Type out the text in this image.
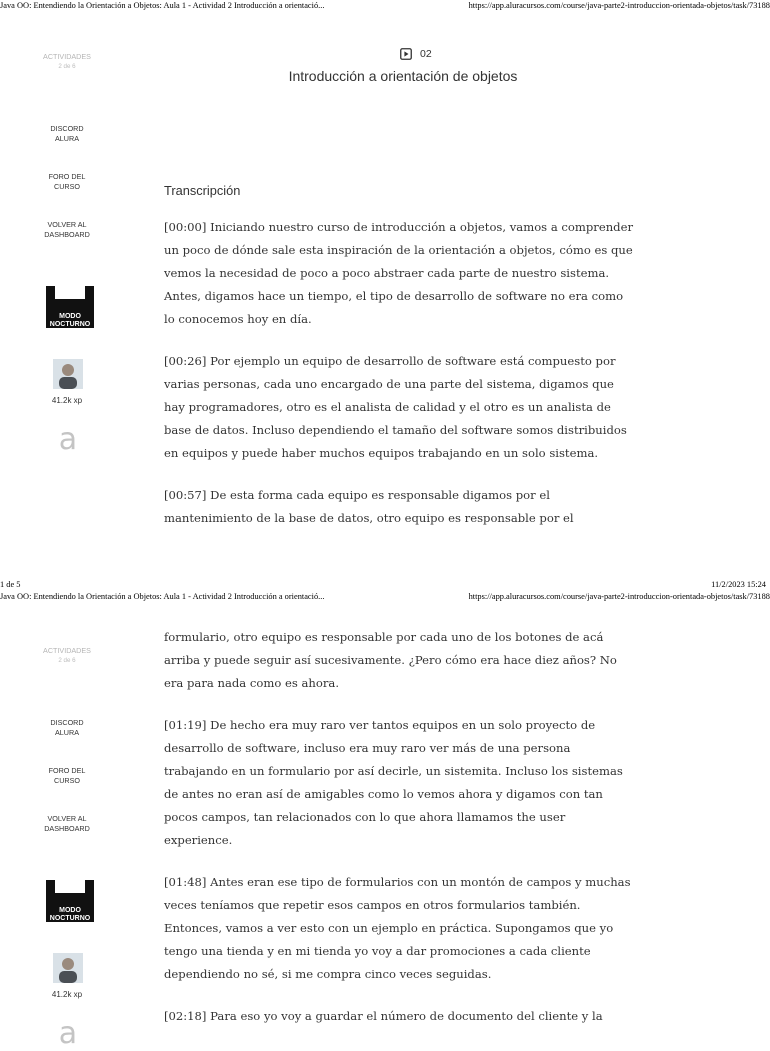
Java OO: Entendiendo la Orientación a Objetos: Aula 1 - Actividad 2 Introducción a orientació...	https://app.aluracursos.com/course/java-parte2-introduccion-orientada-objetos/task/73188
ACTIVIDADES
2 de 6
DISCORD
ALURA
FORO DEL
CURSO
VOLVER AL
DASHBOARD
MODO
NOCTURNO
41.2k xp
a
02
Introducción a orientación de objetos
Transcripción

[00:00] Iniciando nuestro curso de introducción a objetos, vamos a comprender un poco de dónde sale esta inspiración de la orientación a objetos, cómo es que vemos la necesidad de poco a poco abstraer cada parte de nuestro sistema. Antes, digamos hace un tiempo, el tipo de desarrollo de software no era como lo conocemos hoy en día.

[00:26] Por ejemplo un equipo de desarrollo de software está compuesto por varias personas, cada uno encargado de una parte del sistema, digamos que hay programadores, otro es el analista de calidad y el otro es un analista de base de datos. Incluso dependiendo el tamaño del software somos distribuidos en equipos y puede haber muchos equipos trabajando en un solo sistema.

[00:57] De esta forma cada equipo es responsable digamos por el mantenimiento de la base de datos, otro equipo es responsable por el

1 de 5	11/2/2023 15:24
Java OO: Entendiendo la Orientación a Objetos: Aula 1 - Actividad 2 Introducción a orientació...	https://app.aluracursos.com/course/java-parte2-introduccion-orientada-objetos/task/73188
ACTIVIDADES
2 de 6
DISCORD
ALURA
FORO DEL
CURSO
VOLVER AL
DASHBOARD
MODO
NOCTURNO
41.2k xp
a

formulario, otro equipo es responsable por cada uno de los botones de acá arriba y puede seguir así sucesivamente. ¿Pero cómo era hace diez años? No era para nada como es ahora.

[01:19] De hecho era muy raro ver tantos equipos en un solo proyecto de desarrollo de software, incluso era muy raro ver más de una persona trabajando en un formulario por así decirle, un sistemita. Incluso los sistemas de antes no eran así de amigables como lo vemos ahora y digamos con tan pocos campos, tan relacionados con lo que ahora llamamos the user experience.

[01:48] Antes eran ese tipo de formularios con un montón de campos y muchas veces teníamos que repetir esos campos en otros formularios también. Entonces, vamos a ver esto con un ejemplo en práctica. Supongamos que yo tengo una tienda y en mi tienda yo voy a dar promociones a cada cliente dependiendo no sé, si me compra cinco veces seguidas.

[02:18] Para eso yo voy a guardar el número de documento del cliente y la
